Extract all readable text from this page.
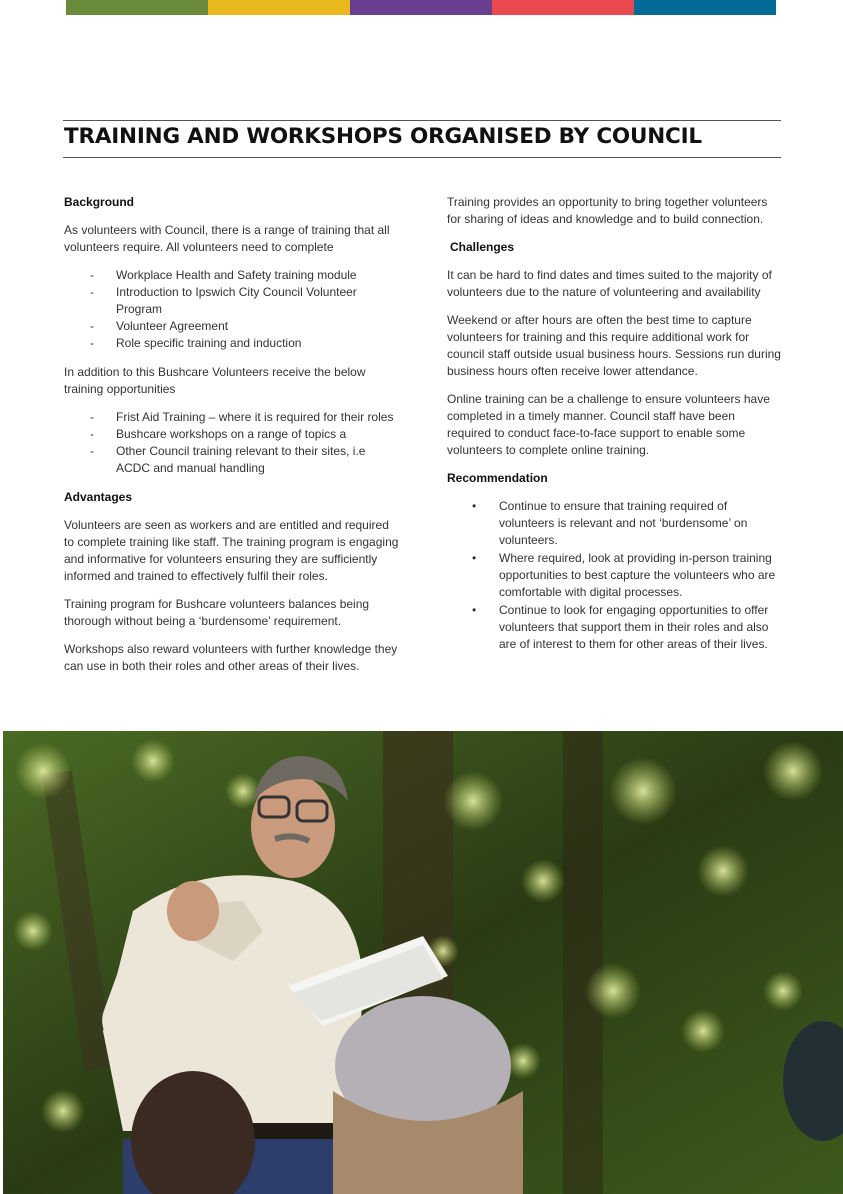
TRAINING AND WORKSHOPS ORGANISED BY COUNCIL
Background

As volunteers with Council, there is a range of training that all volunteers require. All volunteers need to complete

- Workplace Health and Safety training module
- Introduction to Ipswich City Council Volunteer Program
- Volunteer Agreement
- Role specific training and induction

In addition to this Bushcare Volunteers receive the below training opportunities

- Frist Aid Training – where it is required for their roles
- Bushcare workshops on a range of topics a
- Other Council training relevant to their sites, i.e ACDC and manual handling
Advantages

Volunteers are seen as workers and are entitled and required to complete training like staff. The training program is engaging and informative for volunteers ensuring they are sufficiently informed and trained to effectively fulfil their roles.

Training program for Bushcare volunteers balances being thorough without being a ‘burdensome’ requirement.

Workshops also reward volunteers with further knowledge they can use in both their roles and other areas of their lives.

Training provides an opportunity to bring together volunteers for sharing of ideas and knowledge and to build connection.

Challenges

It can be hard to find dates and times suited to the majority of volunteers due to the nature of volunteering and availability

Weekend or after hours are often the best time to capture volunteers for training and this require additional work for council staff outside usual business hours. Sessions run during business hours often receive lower attendance.

Online training can be a challenge to ensure volunteers have completed in a timely manner. Council staff have been required to conduct face-to-face support to enable some volunteers to complete online training.

Recommendation
• Continue to ensure that training required of volunteers is relevant and not ‘burdensome’ on volunteers.
• Where required, look at providing in-person training opportunities to best capture the volunteers who are comfortable with digital processes.
• Continue to look for engaging opportunities to offer volunteers that support them in their roles and also are of interest to them for other areas of their lives.
